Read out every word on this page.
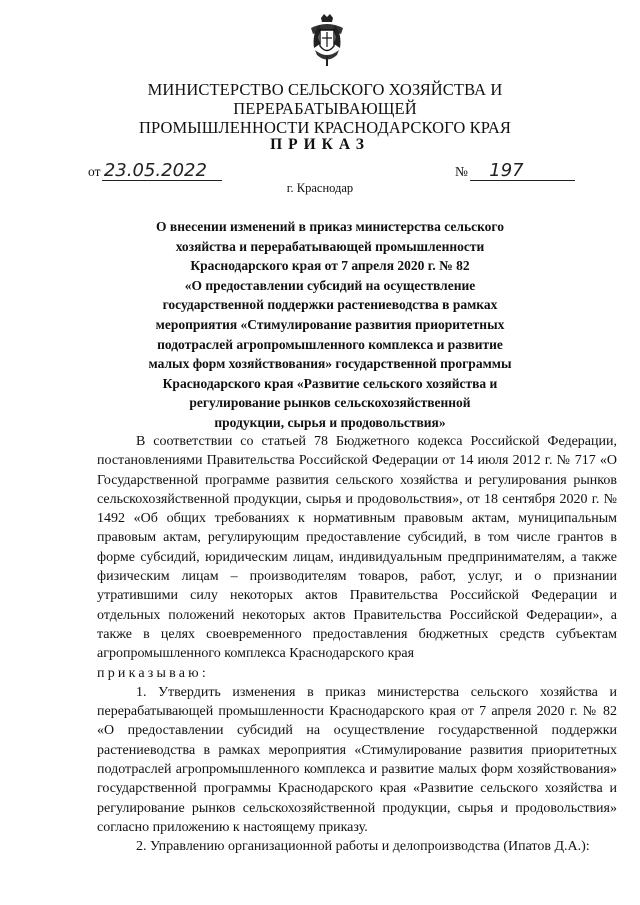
МИНИСТЕРСТВО СЕЛЬСКОГО ХОЗЯЙСТВА И ПЕРЕРАБАТЫВАЮЩЕЙ
ПРОМЫШЛЕННОСТИ КРАСНОДАРСКОГО КРАЯ
ПРИКАЗ
от 23.05.2022	№ 197
г. Краснодар
О внесении изменений в приказ министерства сельского
хозяйства и перерабатывающей промышленности
Краснодарского края от 7 апреля 2020 г. № 82
«О предоставлении субсидий на осуществление
государственной поддержки растениеводства в рамках
мероприятия «Стимулирование развития приоритетных
подотраслей агропромышленного комплекса и развитие
малых форм хозяйствования» государственной программы
Краснодарского края «Развитие сельского хозяйства и
регулирование рынков сельскохозяйственной
продукции, сырья и продовольствия»

В соответствии со статьей 78 Бюджетного кодекса Российской Федерации, постановлениями Правительства Российской Федерации от 14 июля 2012 г. № 717 «О Государственной программе развития сельского хозяйства и регулирования рынков сельскохозяйственной продукции, сырья и продовольствия», от 18 сентября 2020 г. № 1492 «Об общих требованиях к нормативным правовым актам, муниципальным правовым актам, регулирующим предоставление субсидий, в том числе грантов в форме субсидий, юридическим лицам, индивидуальным предпринимателям, а также физическим лицам – производителям товаров, работ, услуг, и о признании утратившими силу некоторых актов Правительства Российской Федерации и отдельных положений некоторых актов Правительства Российской Федерации», а также в целях своевременного предоставления бюджетных средств субъектам агропромышленного комплекса Краснодарского края

приказываю:

1. Утвердить изменения в приказ министерства сельского хозяйства и перерабатывающей промышленности Краснодарского края от 7 апреля 2020 г. № 82 «О предоставлении субсидий на осуществление государственной поддержки растениеводства в рамках мероприятия «Стимулирование развития приоритетных подотраслей агропромышленного комплекса и развитие малых форм хозяйствования» государственной программы Краснодарского края «Развитие сельского хозяйства и регулирование рынков сельскохозяйственной продукции, сырья и продовольствия» согласно приложению к настоящему приказу.

2. Управлению организационной работы и делопроизводства (Ипатов Д.А.):
